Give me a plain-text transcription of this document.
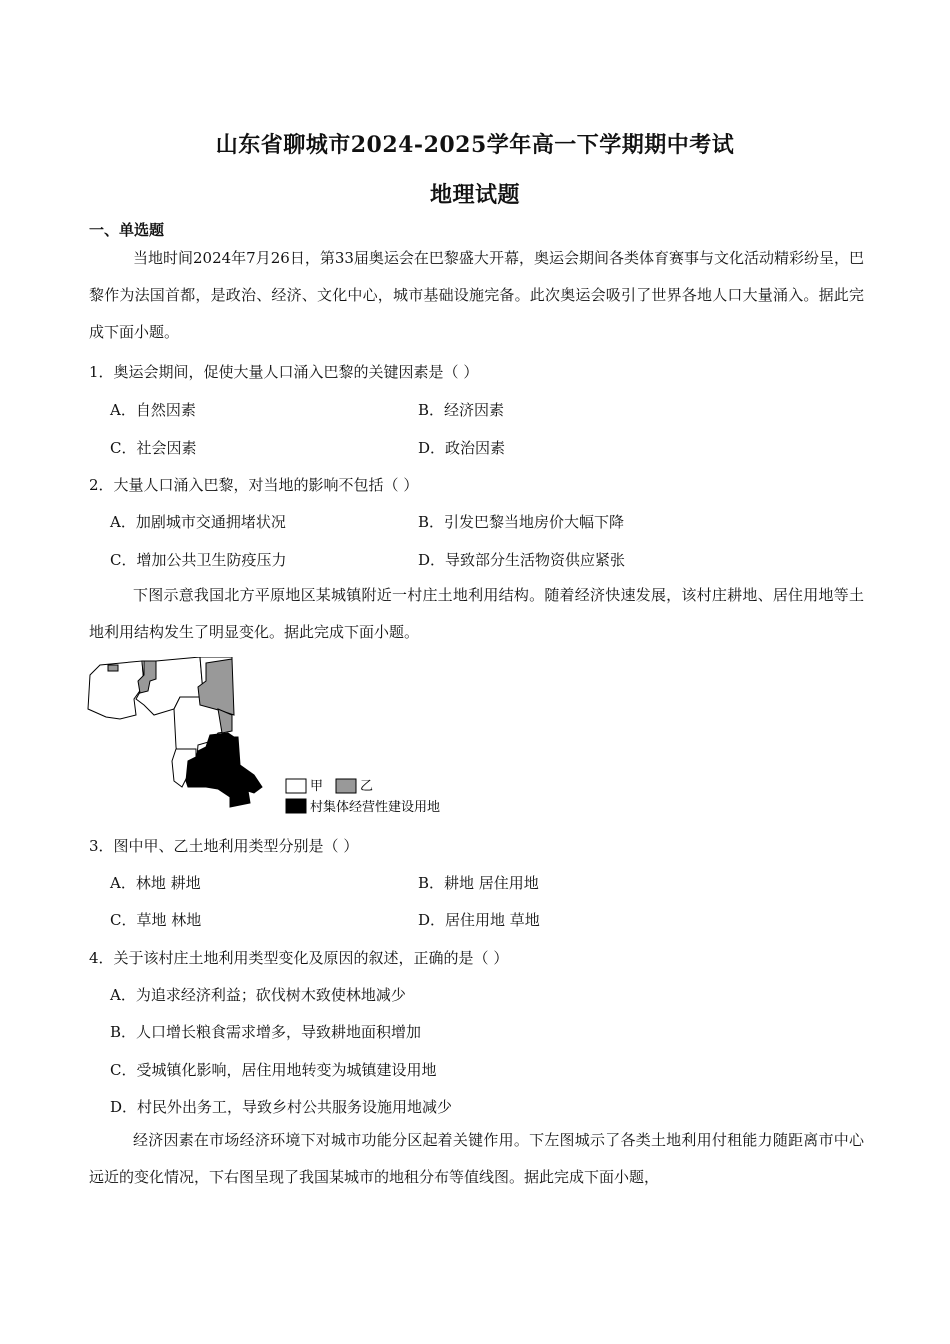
山东省聊城市2024-2025学年高一下学期期中考试
地理试题
一、单选题

当地时间2024年7月26日，第33届奥运会在巴黎盛大开幕，奥运会期间各类体育赛事与文化活动精彩纷呈，巴黎作为法国首都，是政治、经济、文化中心，城市基础设施完备。此次奥运会吸引了世界各地人口大量涌入。据此完成下面小题。

1．奥运会期间，促使大量人口涌入巴黎的关键因素是（ ）
A．自然因素	B．经济因素
C．社会因素	D．政治因素
2．大量人口涌入巴黎，对当地的影响不包括（ ）
A．加剧城市交通拥堵状况	B．引发巴黎当地房价大幅下降
C．增加公共卫生防疫压力	D．导致部分生活物资供应紧张

下图示意我国北方平原地区某城镇附近一村庄土地利用结构。随着经济快速发展，该村庄耕地、居住用地等土地利用结构发生了明显变化。据此完成下面小题。

甲	乙
村集体经营性建设用地
3．图中甲、乙土地利用类型分别是（ ）
A．林地 耕地	B．耕地 居住用地
C．草地 林地	D．居住用地 草地
4．关于该村庄土地利用类型变化及原因的叙述，正确的是（ ）
A．为追求经济利益；砍伐树木致使林地减少
B．人口增长粮食需求增多，导致耕地面积增加
C．受城镇化影响，居住用地转变为城镇建设用地
D．村民外出务工，导致乡村公共服务设施用地减少

经济因素在市场经济环境下对城市功能分区起着关键作用。下左图城示了各类土地利用付租能力随距离市中心远近的变化情况，下右图呈现了我国某城市的地租分布等值线图。据此完成下面小题，
